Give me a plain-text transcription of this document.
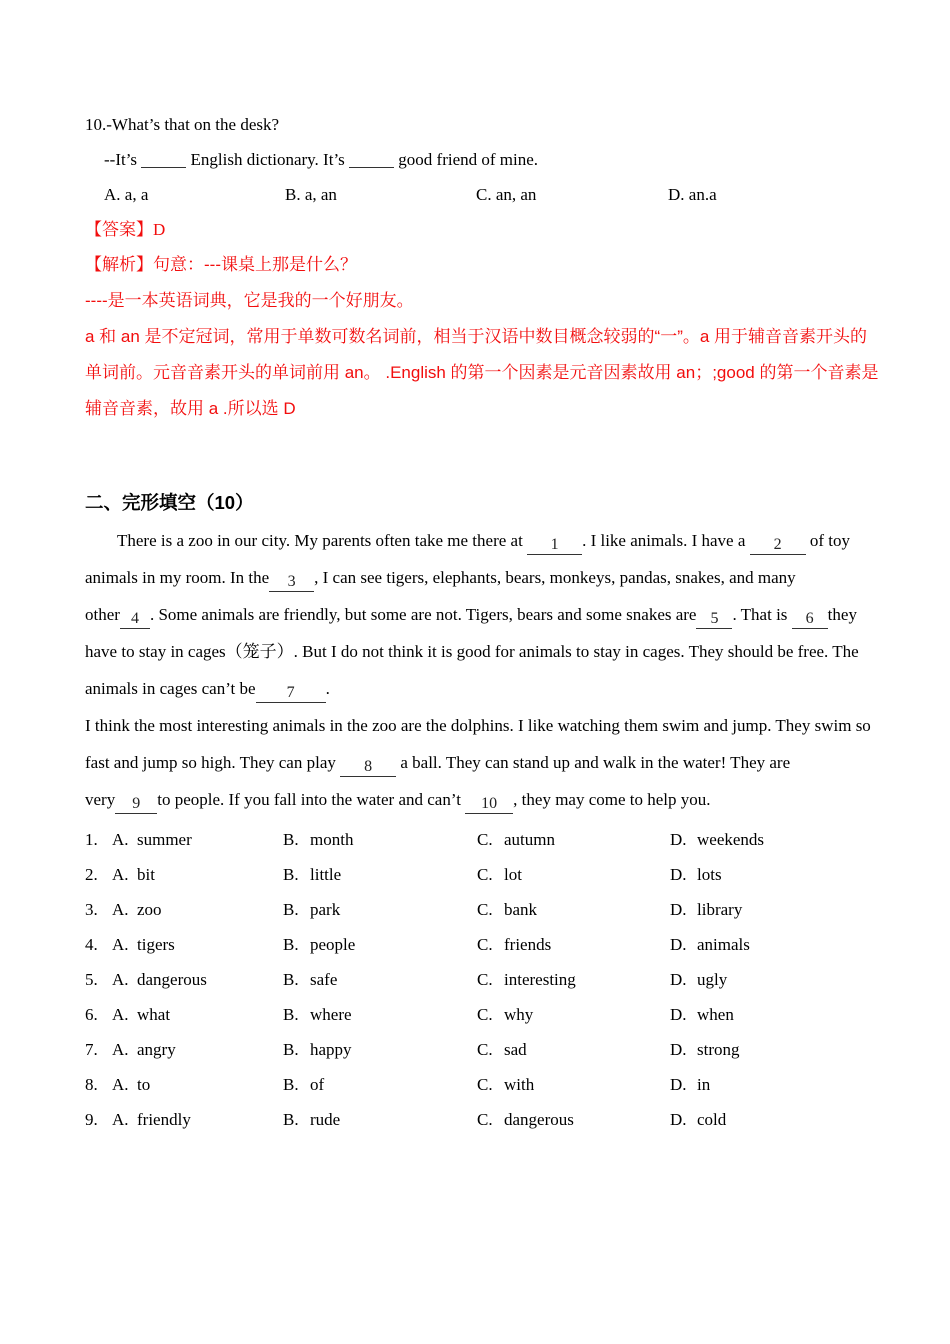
10.-What’s that on the desk?
--It’s	English dictionary. It’s	good friend of mine.
A. a, a	B. a, an	C. an, an	D. an.a
【答案】D
【解析】句意：---课桌上那是什么？
----是一本英语词典，它是我的一个好朋友。
a 和 an 是不定冠词，常用于单数可数名词前，相当于汉语中数目概念较弱的“一”。a 用于辅音音素开头的
单词前。元音音素开头的单词前用 an。 .English 的第一个因素是元音因素故用 an；;good 的第一个音素是
辅音音素，故用 a .所以选 D
二、完形填空（10）
There is a zoo in our city. My parents often take me there at 1 . I like animals. I have a 2 of toy
animals in my room. In the 3 , I can see tigers, elephants, bears, monkeys, pandas, snakes, and many
other 4 . Some animals are friendly, but some are not. Tigers, bears and some snakes are 5 . That is 6 they
have to stay in cages（笼子）. But I do not think it is good for animals to stay in cages. They should be free. The
animals in cages can’t be 7 .
I think the most interesting animals in the zoo are the dolphins. I like watching them swim and jump. They swim so
fast and jump so high. They can play 8 a ball. They can stand up and walk in the water! They are
very 9 to people. If you fall into the water and can’t 10 , they may come to help you.
1. A. summer	B. month	C. autumn	D. weekends
2. A. bit	B. little	C. lot	D. lots
3. A. zoo	B. park	C. bank	D. library
4. A. tigers	B. people	C. friends	D. animals
5. A. dangerous	B. safe	C. interesting	D. ugly
6. A. what	B. where	C. why	D. when
7. A. angry	B. happy	C. sad	D. strong
8. A. to	B. of	C. with	D. in
9. A. friendly	B. rude	C. dangerous	D. cold
